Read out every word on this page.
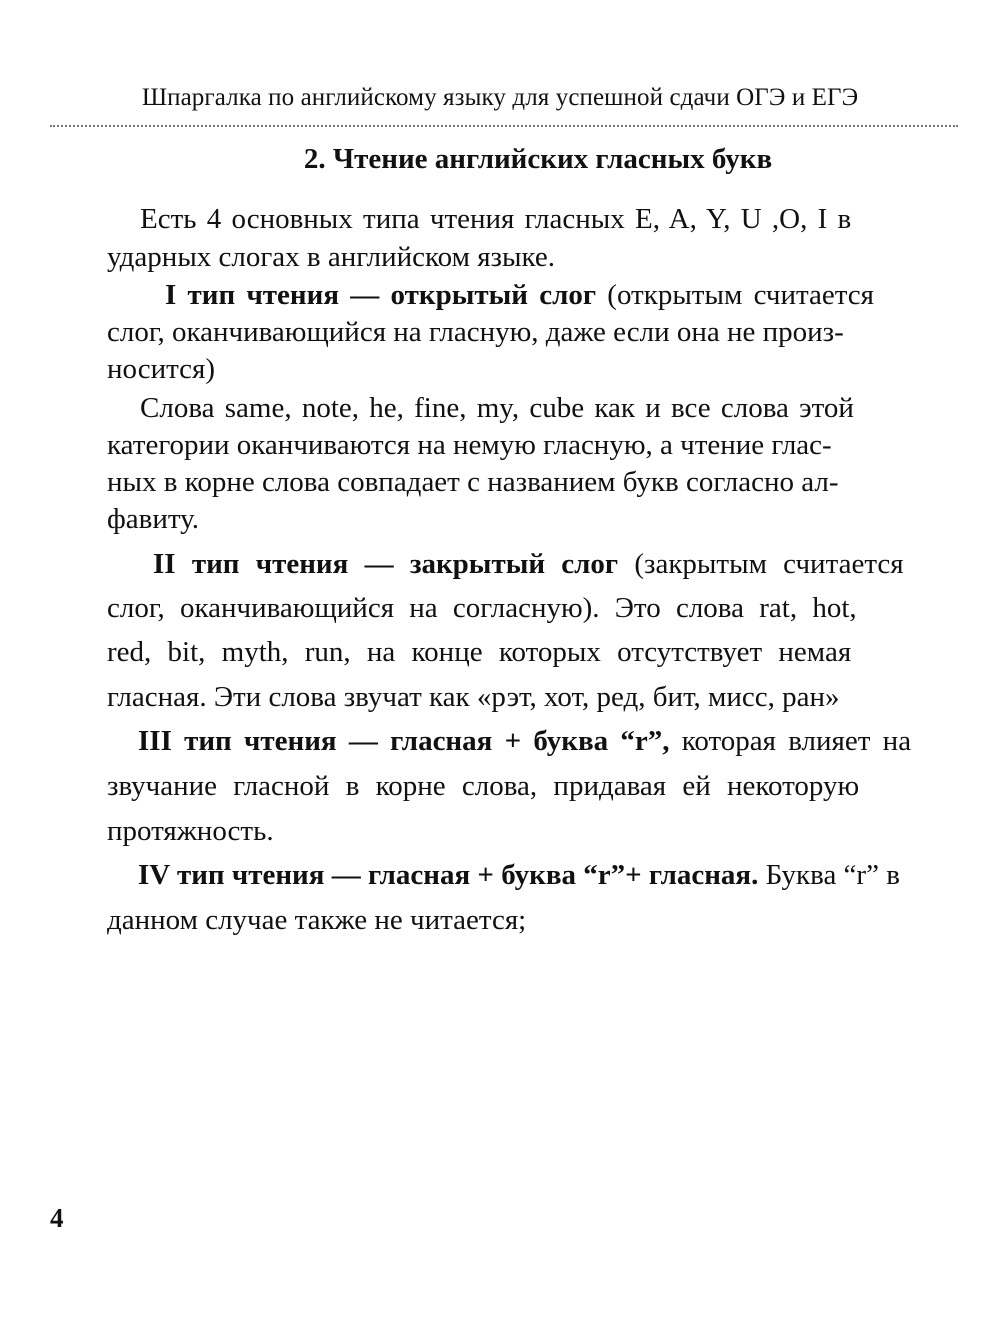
Шпаргалка по английскому языку для успешной сдачи ОГЭ и ЕГЭ
2. Чтение английских гласных букв
Есть 4 основных типа чтения гласных E, A, Y, U ,O, I в
ударных слогах в английском языке.
I тип чтения — открытый слог (открытым считается
слог, оканчивающийся на гласную, даже если она не произ-
носится)
Слова same, note, he, fine, my, cube как и все слова этой
категории оканчиваются на немую гласную, а чтение глас-
ных в корне слова совпадает с названием букв согласно ал-
фавиту.
II тип чтения — закрытый слог (закрытым считается
слог, оканчивающийся на согласную). Это слова rat, hot,
red, bit, myth, run, на конце которых отсутствует немая
гласная. Эти слова звучат как «рэт, хот, ред, бит, мисс, ран»
III тип чтения — гласная + буква “r”, которая влияет на
звучание гласной в корне слова, придавая ей некоторую
протяжность.
IV тип чтения — гласная + буква “r”+ гласная. Буква “r” в
данном случае также не читается;
4
